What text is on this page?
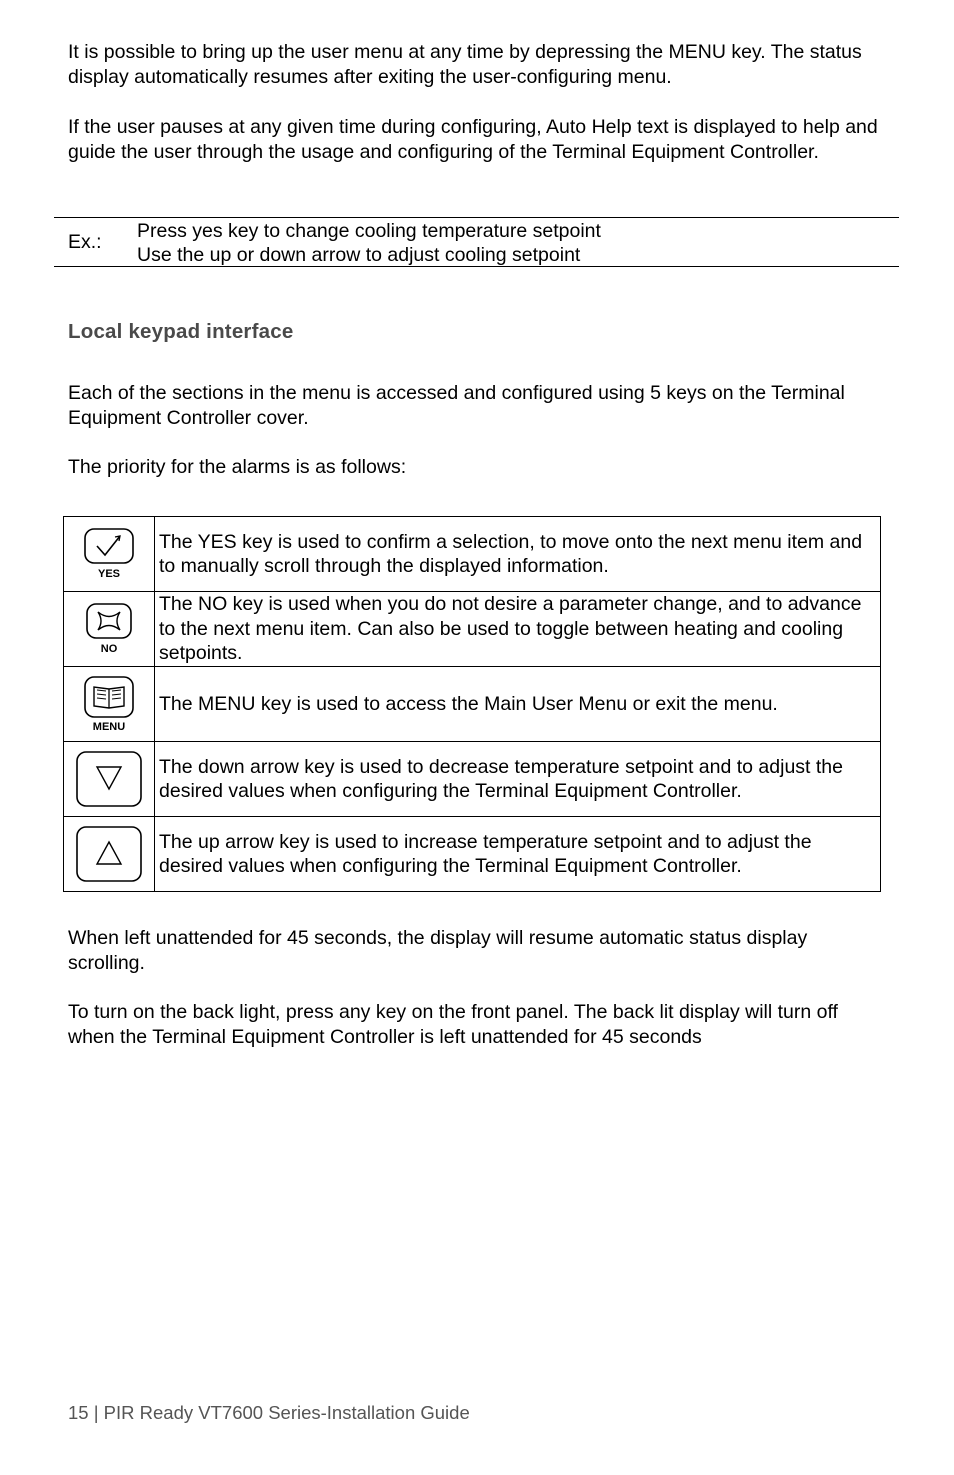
It is possible to bring up the user menu at any time by depressing the MENU key. The status display automatically resumes after exiting the user-configuring menu.

If the user pauses at any given time during configuring, Auto Help text is displayed to help and guide the user through the usage and configuring of the Terminal Equipment Controller.

Ex.: Press yes key to change cooling temperature setpoint
Use the up or down arrow to adjust cooling setpoint
Local keypad interface

Each of the sections in the menu is accessed and configured using 5 keys on the Terminal Equipment Controller cover.

The priority for the alarms is as follows:

YES	The YES key is used to confirm a selection, to move onto the next menu item and to manually scroll through the displayed information.

NO	The NO key is used when you do not desire a parameter change, and to advance to the next menu item. Can also be used to toggle between heating and cooling setpoints.

MENU	The MENU key is used to access the Main User Menu or exit the menu.

	The down arrow key is used to decrease temperature setpoint and to adjust the desired values when configuring the Terminal Equipment Controller.

	The up arrow key is used to increase temperature setpoint and to adjust the desired values when configuring the Terminal Equipment Controller.

When left unattended for 45 seconds, the display will resume automatic status display scrolling.

To turn on the back light, press any key on the front panel. The back lit display will turn off when the Terminal Equipment Controller is left unattended for 45 seconds

15 | PIR Ready VT7600 Series-Installation Guide
